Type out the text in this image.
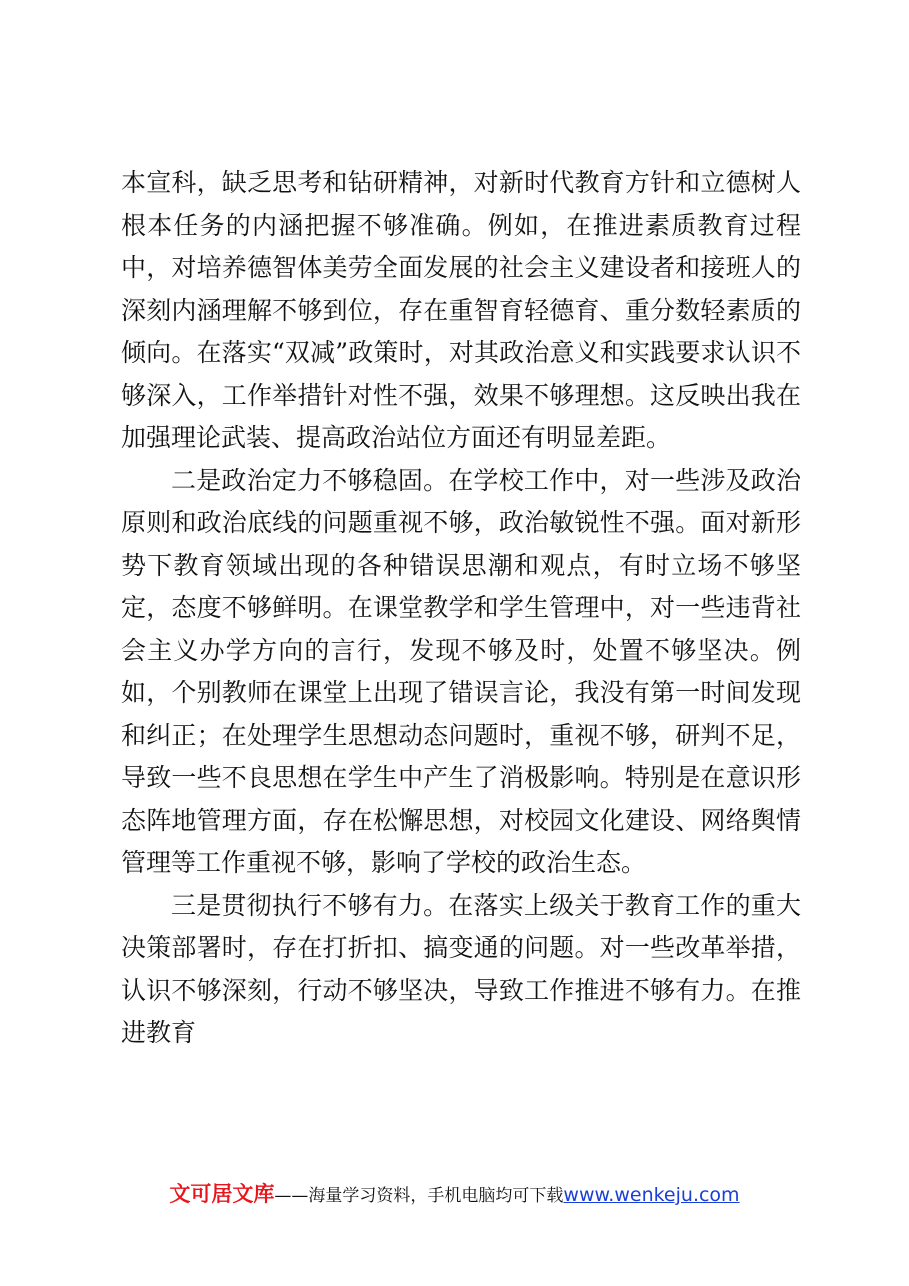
本宣科，缺乏思考和钻研精神，对新时代教育方针和立德树人根本任务的内涵把握不够准确。例如，在推进素质教育过程中，对培养德智体美劳全面发展的社会主义建设者和接班人的深刻内涵理解不够到位，存在重智育轻德育、重分数轻素质的倾向。在落实“双减”政策时，对其政治意义和实践要求认识不够深入，工作举措针对性不强，效果不够理想。这反映出我在加强理论武装、提高政治站位方面还有明显差距。

二是政治定力不够稳固。在学校工作中，对一些涉及政治原则和政治底线的问题重视不够，政治敏锐性不强。面对新形势下教育领域出现的各种错误思潮和观点，有时立场不够坚定，态度不够鲜明。在课堂教学和学生管理中，对一些违背社会主义办学方向的言行，发现不够及时，处置不够坚决。例如，个别教师在课堂上出现了错误言论，我没有第一时间发现和纠正；在处理学生思想动态问题时，重视不够，研判不足，导致一些不良思想在学生中产生了消极影响。特别是在意识形态阵地管理方面，存在松懈思想，对校园文化建设、网络舆情管理等工作重视不够，影响了学校的政治生态。

三是贯彻执行不够有力。在落实上级关于教育工作的重大决策部署时，存在打折扣、搞变通的问题。对一些改革举措，认识不够深刻，行动不够坚决，导致工作推进不够有力。在推进教育

文可居文库——海量学习资料，手机电脑均可下载www.wenkeju.com
